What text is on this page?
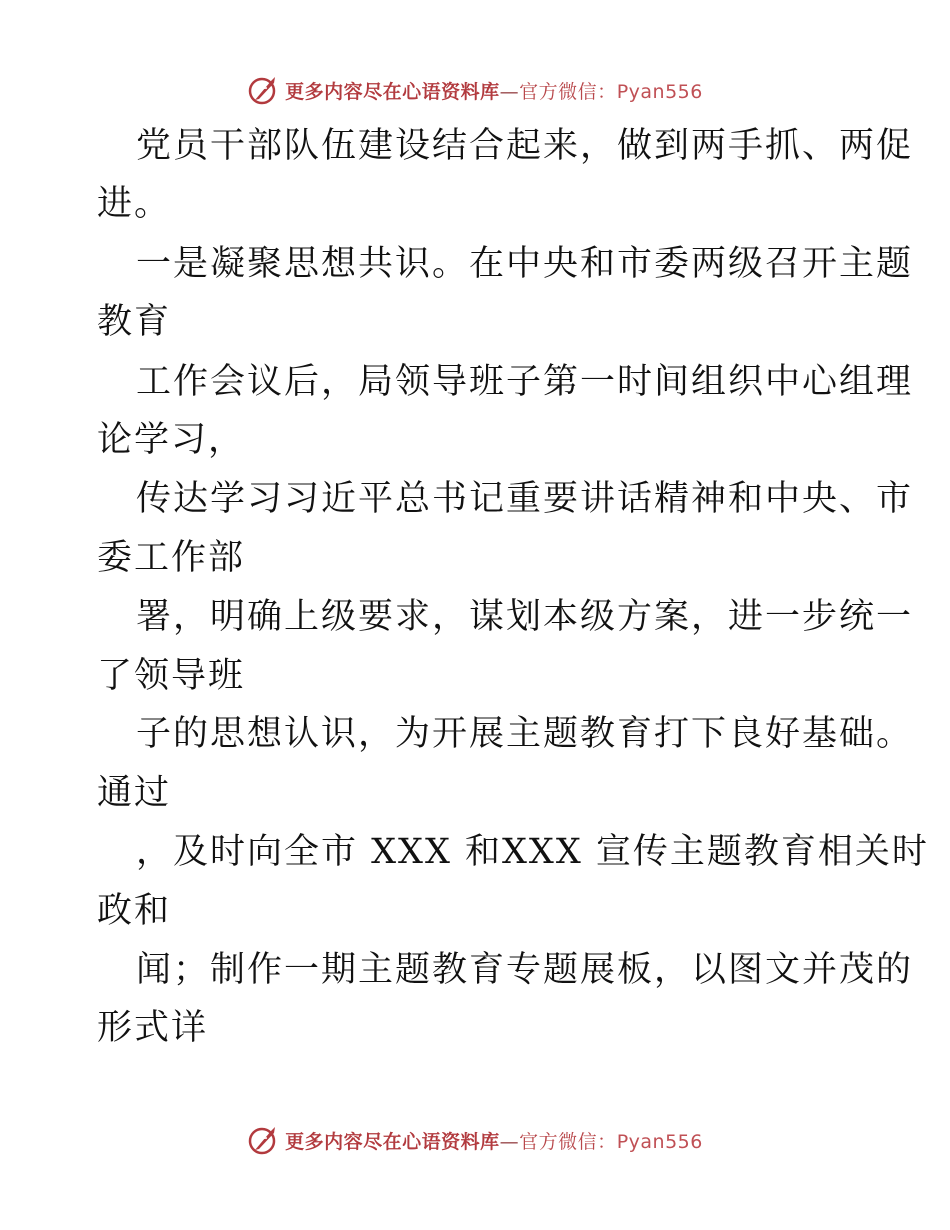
更多内容尽在心语资料库—官方微信：Pyan556
党员干部队伍建设结合起来，做到两手抓、两促
进。
一是凝聚思想共识。在中央和市委两级召开主题
教育
工作会议后，局领导班子第一时间组织中心组理
论学习，
传达学习习近平总书记重要讲话精神和中央、市
委工作部
署，明确上级要求，谋划本级方案，进一步统一
了领导班
子的思想认识，为开展主题教育打下良好基础。
通过
，及时向全市 XXX 和XXX 宣传主题教育相关时
政和
闻；制作一期主题教育专题展板，以图文并茂的
形式详
更多内容尽在心语资料库—官方微信：Pyan556
